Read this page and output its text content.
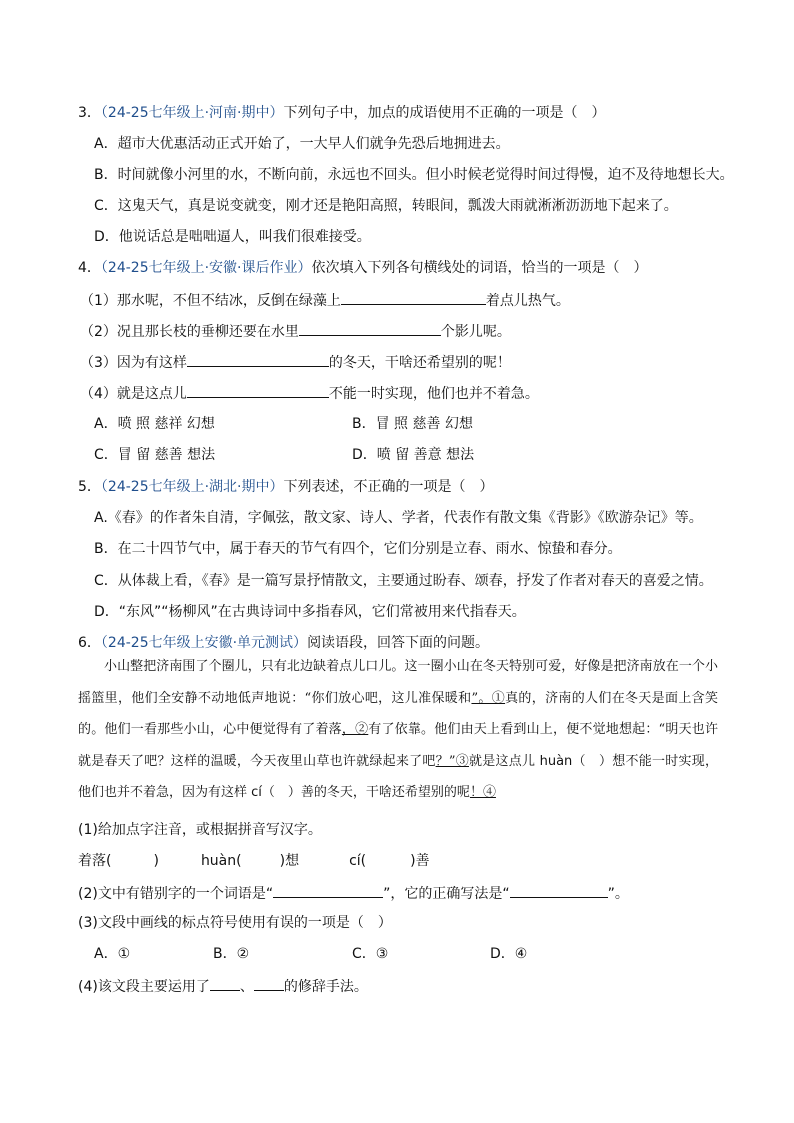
3．（24-25七年级上·河南·期中）下列句子中，加点的成语使用不正确的一项是（　）
A．超市大优惠活动正式开始了，一大早人们就争先恐后地拥进去。
B．时间就像小河里的水，不断向前，永远也不回头。但小时候老觉得时间过得慢，迫不及待地想长大。
C．这鬼天气，真是说变就变，刚才还是艳阳高照，转眼间，瓢泼大雨就淅淅沥沥地下起来了。
D．他说话总是咄咄逼人，叫我们很难接受。
4．（24-25七年级上·安徽·课后作业）依次填入下列各句横线处的词语，恰当的一项是（　）
（1）那水呢，不但不结冰，反倒在绿藻上	着点儿热气。
（2）况且那长枝的垂柳还要在水里	个影儿呢。
（3）因为有这样	的冬天，干啥还希望别的呢！
（4）就是这点儿	不能一时实现，他们也并不着急。
A．喷 照 慈祥 幻想	B．冒 照 慈善 幻想
C．冒 留 慈善 想法	D．喷 留 善意 想法
5．（24-25七年级上·湖北·期中）下列表述，不正确的一项是（　）
A.《春》的作者朱自清，字佩弦，散文家、诗人、学者，代表作有散文集《背影》《欧游杂记》等。
B．在二十四节气中，属于春天的节气有四个，它们分别是立春、雨水、惊蛰和春分。
C．从体裁上看，《春》是一篇写景抒情散文，主要通过盼春、颂春，抒发了作者对春天的喜爱之情。
D．“东风”“杨柳风”在古典诗词中多指春风，它们常被用来代指春天。
6．（24-25七年级上安徽·单元测试）阅读语段，回答下面的问题。

小山整把济南围了个圈儿，只有北边缺着点儿口儿。这一圈小山在冬天特别可爱，好像是把济南放在一个小摇篮里，他们全安静不动地低声地说：“你们放心吧，这儿准保暖和”。①真的，济南的人们在冬天是面上含笑的。他们一看那些小山，心中便觉得有了着落，②有了依靠。他们由天上看到山上，便不觉地想起：“明天也许就是春天了吧？这样的温暖，今天夜里山草也许就绿起来了吧？”③就是这点儿 huàn（　）想不能一时实现，他们也并不着急，因为有这样 cí（　）善的冬天，干啥还希望别的呢！④

(1)给加点字注音，或根据拼音写汉字。
着落(	)	huàn(	)想	cí(	)善
(2)文中有错别字的一个词语是“	”，它的正确写法是“	”。
(3)文段中画线的标点符号使用有误的一项是（　）
A．①	B．②	C．③	D．④
(4)该文段主要运用了 、 的修辞手法。
